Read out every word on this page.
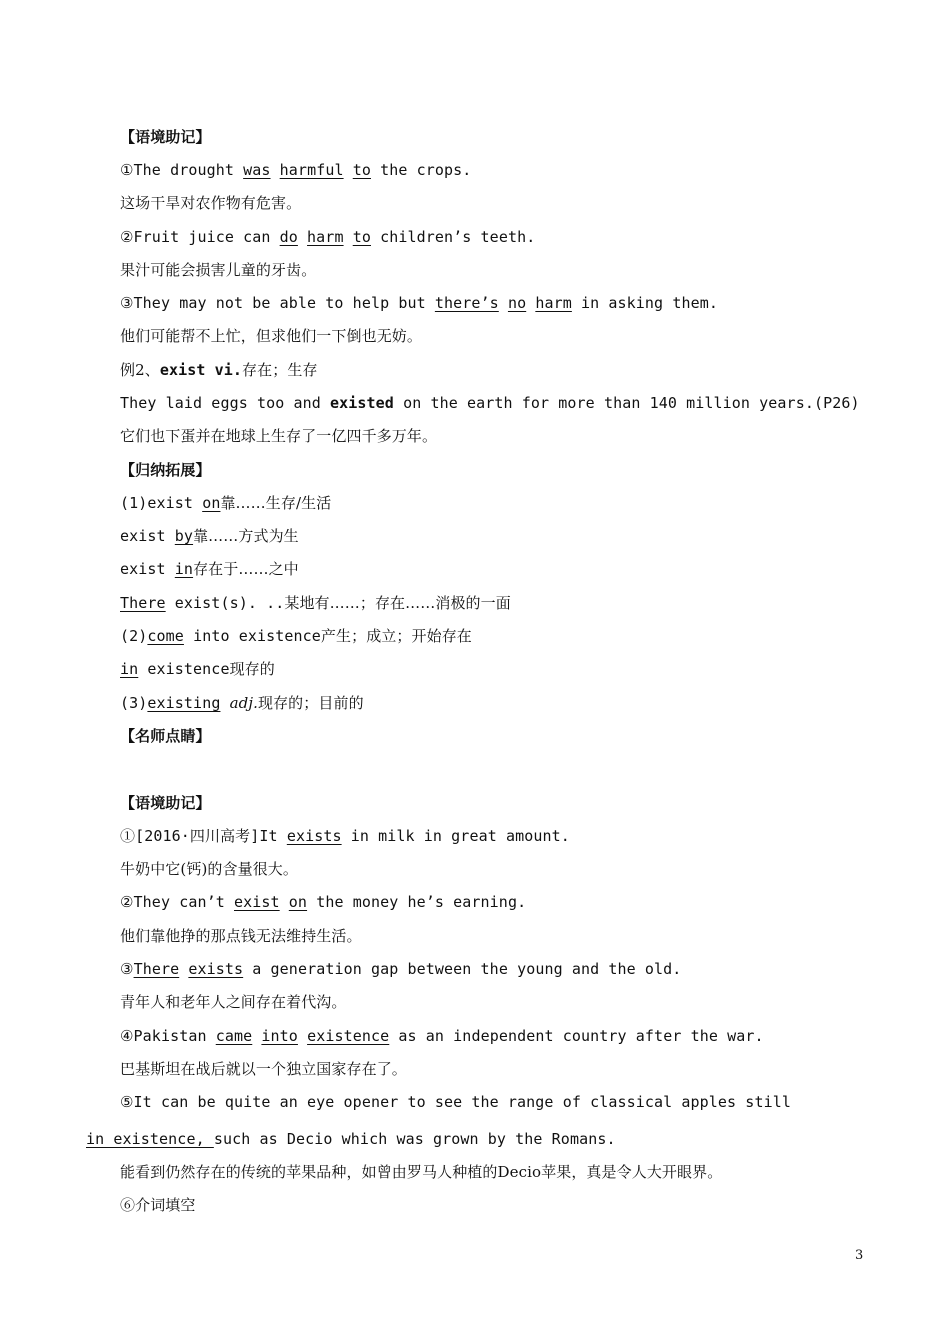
【语境助记】
①The drought was harmful to the crops.
这场干旱对农作物有危害。
②Fruit juice can do harm to children’s teeth.
果汁可能会损害儿童的牙齿。
③They may not be able to help but there’s no harm in asking them.
他们可能帮不上忙，但求他们一下倒也无妨。
例2、exist vi.存在；生存
They laid eggs too and existed on the earth for more than 140 million years.(P26)
它们也下蛋并在地球上生存了一亿四千多万年。
【归纳拓展】
(1)exist on靠……生存/生活
exist by靠……方式为生
exist in存在于……之中
There exist(s). ..某地有……；存在……消极的一面
(2)come into existence产生；成立；开始存在
in existence现存的
(3)existing adj.现存的；目前的
【名师点睛】
【语境助记】
①[2016·四川高考]It exists in milk in great amount.
牛奶中它(钙)的含量很大。
②They can’t exist on the money he’s earning.
他们靠他挣的那点钱无法维持生活。
③There exists a generation gap between the young and the old.
青年人和老年人之间存在着代沟。
④Pakistan came into existence as an independent country after the war.
巴基斯坦在战后就以一个独立国家存在了。
⑤It can be quite an eye opener to see the range of classical apples still
in existence, such as Decio which was grown by the Romans.
能看到仍然存在的传统的苹果品种，如曾由罗马人种植的Decio苹果，真是令人大开眼界。
⑥介词填空
3
